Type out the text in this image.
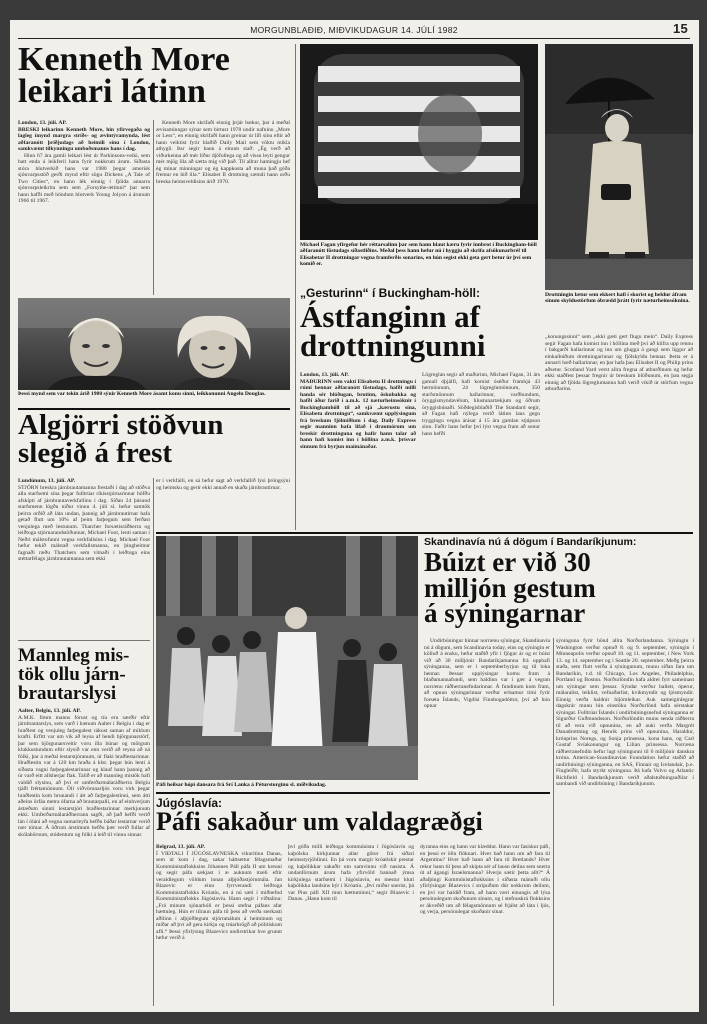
MORGUNBLAÐIÐ, MIÐVIKUDAGUR 14. JÚLÍ 1982	15
Kenneth More
leikari látinn
London, 13. júlí. AP.
BRESKI leikarinn Kenneth More, hin yfirvegaða og lagleg ímynd margra stríðs- og ævintýramynda, lést aðfaranótt þriðjudags að heimili sínu í London, samkvæmt tilkynningu umboðsmanns hans í dag.
Hinn 67 ára gamli leikari lést úr Parkinsons-veiki, sem batt enda á leikferil hans fyrir nokkrum árum. Síðasta stóra hlutverkið hans var 1980 þegar amerísk sjónvarpsstöð gerði mynd eftir sögu Dickens „A Tale of Two Cities“, en hann lék einnig í fjölda annarra sjónvarpsleikrita sem sem „Forsythe-ættinni“ þar sem hann hafði með höndum hlutverk Young Jolyon á árunum 1966 til 1967.
Kenneth More skrifaði einnig þrjár bækur, þar á meðal ævisaminngar sýnar sem birtust 1978 undir nafninu „More or Less“, en einnig skrifaði hann greinar úr lífi sínu eftir að hann veiktist fyrir blaðið Daily Mail sem vöktu mikla athygli. Þar segir hann á einum stað: „Ég verð að viðurkenna að mér líður djöfullega og að vissu leyti gengur mér mjög illa að sætta mig við það. Til allrar hamingju hef ég minar minningar og ég kappkosta að muna það góða fremur en hið illa.“ Elísabet II drottning sæmdi hann orðu breska heimsveldisins árið 1970.
Þessi mynd sem var tekin árið 1980 sýnir Kenneth More ásamt konu sinni, leikkonunni Angelu Douglas.
Algjörri stöðvun
slegið á frest
Lundúnum, 13. júlí. AP.
STJÓRN breskra járnbrautamanna frestaði í dag að stöðva alla starfsemi sína þegar fulltrúar ríkisstjórnarinnar höfðu afskipti af járnbrautaverkfallinu í dag. Síðan 24 þúsund starfsmenn lögðu niður vinnu 4. júlí sl. hefur samtök þeirra orðið að láta undan, þannig að járnbrautirnar hafa getað flutt um 10% af þeim farþegum sem ferðast venjulega með lestunum. Thatcher forsætisráðherra og leiðtoga stjórnarandstöðunnar, Michael Foot, lenti saman í Neðri málstofunni vegna verkfallsins í dag. Michael Foot hefur tekið málstað verkfallsmanna, en þingheimur fagnaði ræðu Thatchers sem vitnaði í leiðtoga eins stéttarfélags járnbrautamanna sem ekki
er í verkfalli, en sá hefur sagt að verkfallið lýsi þröngsýni og heimsku og gerir ekki annað en skaða járnbrautirnar.
Mannleg mis-
tök ollu járn-
brautarslysi
Aalter, Belgíu, 13. júlí. AP.
A.M.K. fimm manns fórust og tíu eru særðir eftir járnbrautarslys, sem varð í bænum Aalter í Belgíu í dag er hraðlest og venjuleg farþegalest rákust saman af miklum krafti. Erfitt var um vik að leysa af hendi björgunarstörf, þar sem björgunarsveitir voru illa búnar og mörgum klukkustundum eftir slysið var enn verið að reyna að ná fólki, þar á meðal lestarstjóranum, úr flaki hraðlestarinnar. Hraðlestin var á 120 km hraða á klst. þegar hún lenti á síðasta vagni farþegalestarinnar og klauf hann þannig að úr varð eitt allsherjar flak. Talið er að mannleg mistök hafi valdið slysinu, að því er umferðarmálaráðherra Belgíu tjáði fréttamönnum. Öll viðvörunarljós voru virk þegar hraðlestin kom brunandi í átt að farþegalestinni, sem átti aðeins örfáa metra ófarna að brautarpalli, en af einhverjum ástæðum sinnti lestarstjóri hraðlestarinnar merkjunum ekki. Umferðarmálaráðherrann sagði, að það hefði verið lán í óláni að vegna sumarleyfa hefðu báðar lestarnar verið nær tómar. Á öðrum árstímum hefðu þær verið fullar af skólabörnum, stúdentum og fólki á leið til vinnu sinnar.
Michael Fagan yfirgefur hér réttarsalinn þar sem hann hlaut kæru fyrir innbrot í Buckingham-höll aðfaranótt föstudags síðastliðins. Meðal þess hann hefur nú í hyggju að skrifa afsökunarbréf til Elísabetar II drottningar vegna framferðis sonarins, en hún segist ekki geta gert betur úr því sem komið er.
Drottningin lætur sem ekkert hafi í skorist og heldur áfram sínum skyldustörfum óbrædd þrátt fyrir næturheimsóknina.
„Gesturinn“ í Buckingham-höll:
Ástfanginn af
drottningunni
London, 13. júlí. AP.
MAÐURINN sem vakti Elísabetu II drottningu í rúmi hennar aðfaranótt föstudags, hafði milli handa sér blóðugan, brotinn, öskubakka og hafði áður farið í a.m.k. 12 næturheimsóknir í Buckinghamhöll til að sjá „kærustu sína, Elísabetu drottningu“, samkvæmt upplýsingum frá breskum fjölmiðlum í dag. Daily Express segir manninn hafa lifað í draumórum um breskir drottninguna og hafir hann talar að hann hafi komist inn í höllina a.m.k. þrisvar sinnum frá byrjun maímánaðar.
Lögreglan segir að maðurinn, Michael Fagan, 31 árs gamall óþjálfi, hafi komist óséður framhjá 43 hermönnum, 24 lögreglumönnum, 350 starfsmönnum hallarinnar, varðhundum, öryggismyndavélum, hlustunartækjum og öðrum öryggisbúnaði. Söðdegisblaðið The Standard segir, að Fagan hafi nýlega verið látinn laus gegn tryggingu vegna árásar á 15 ára gamlan stjúpson sinn. Faðir hans hefur því lýst vegna fram að sonur hans hefði
„konungssinni“ sem „ekki gæti gert flugu mein“. Daily Express segir Fagan hafa komist inn í höllina með því að klifra upp rennu í bakgarði hallarinnar og inn um glugga á gangi sem liggur að einkaíbúðum drottningarinnar og fjölskyldu hennar. Þetta er á annarri hæð hallarinnar, en þar hafa þau Elísabet II og Philip prins aðsetur. Scotland Yard verst allra fregna af atburðinum og hefur ekki staðfest þessar fregnir úr breskum blöðunum, en þau segja einnig að fjölda lögreglumanna hafi verið vikið úr störfum vegna atburðarins.
Páfi heilsar hópi dansara frá Srí Lanka á Péturstorginu sl. miðvikudag.
Skandinavía nú á dögum í Bandaríkjunum:
Búizt er við 30
milljón gestum
á sýningarnar
Undirbúningur hinnar norrænu sýningar, Skandinavía nú á dögum, sem Scandinavia today, eins og sýningin er kölluð á ensku, hefur staðið yfir í fjögur ár og er búist við að 30 milljónir Bandaríkjamanna frá upphafi sýninganna, sem er í septemberbyrjun og til loka hennar. Þessar upplýsingar komu fram á blaðamannafundi, sem haldinn var í gær á vegum norrænu ráðherranefndarinnar. Á fundinum kom fram, að opnun sýningarinnar verður erlsamur tími fyrir forseta Íslands, Vigdísi Finnbogadóttur, því að hún opnar
sýninguna fyrir hönd allra Norðurlandanna. Sýningin í Washington verður opnuð 8. og 9. september, sýningin í Minneapolis verður opnuð 10. og 11. september, í New York 13. og 14. september og í Seattle 20. september. Meðg þeirra staða, sem flutt verða á sýningunum, munu síðan fara um Bandaríkin, t.d. til Chicago, Los Angeles, Philadelphia, Portland og Boston. Norðurlöndin hafa aldrei fyrr sameinast um sýningar sem þessar. Sýndar verður ballett, óperur, málaralist, leiklist, vefnaðarlist, kvikmyndir og ljósmyndir. Einnig verða haldnir hljómleikar. Auk sameiginlegrar dagskrár munu hin einstöku Norðurlönd hafa sérstakar sýningar. Fulltrúar Íslands í undirbúningsnefnd sýninganna er Sigurður Guðmundsson. Norðurlöndin munu senda ráðherra til að vera við opnunina, en að auki verða Margrét Danadrottning og Henrik prins við opnunina, Haraldur, krónprins Noregs, og Sonja prinsessa, kona hans, og Carl Gustaf Svíakonungur og Lilian prinsessa. Norræna ráðherranefndin hefur lagt sýningunni til 6 milljónir danskra króna. American-Scandinavian Foundation hefur staðið að undirbúningi sýninganna, en SAS, Finnair og Icelandair, þ.e. Flugleiðir, hafa styrkt sýninguna. Þá hafa Volvo og Atlantic Richfield í Bandaríkjunum verið aðalstuðningsaðilar í sambandi við undirbúning í Bandaríkjunum.
Júgóslavía:
Páfi sakaður um valdagræðgi
Belgrad, 13. júlí. AP.
Í VIÐTALI Í JÚGÓSLAVNESKA vikuritinu Danas, sem út kom í dag, sakar háttsettur félagsmaður Kommúnistaflokksins Jóhannes Páll páfa II um kreuni og segir páfa sækjast í æ auknum mæli eftir veraldlegum völdum innan alþjóðastjórnmála. Jan Blazevic er einn fyrrverandi leiðtoga Kommúnistaflokks Króatíu, en á nú sæti í miðnefnd Kommúnistaflokks Júgóslavíu. Hann segir í viðtalinu: „Frá minum sjónarhóli er þessi stefna páfans afar hættuleg. Hún er tilraun páfa til þess að verða sterkasti aðilinn í alþjóðlegum stjórnmálum á heiminum og miðar að því að gera kirkju og trúarbrögð að pólitískum afli.“ Þessi yfirlýsing Blazevics undirstrikar hve grunnt hefur verið á
því góða milli leiðtoga kommúnista í Júgóslavíu og kaþólsku kirkjunnar allar götur frá síðari heimsstyrjöldinni. En þá voru margir króatískir prestar og kaþólikkar sakaðir um samvinnu við nasista. Á undanförnum árum hafa yfirvöld bannað ýmsa kirkjulega starfsemi í Júgóslavíu, en mestur hluti kaþólikka landsins býr í Króatíu. „Því miður snerist, þá var Pius páfi XII mun hættuminni,“ segir Blazevic í Danas. „Hann kom til
dyranna eins og hann var klæddur. Hann var fasískur páfi, en þessi er öllu flóknari. Hver bað hann um að fara til Argentínu? Hver bað hann að fara til Bretlands? Hver rekur hann til þess að skipta sér af lausn deilna sem snerta út af ágangi Ísraelsmanna? Hverju sætir þetta allt?“ Á aðalþingi Kommúnistaflokksins í síðasta mánuði ollu yfirlýsingar Blazevics í strípuðum dúr nokkrum deilum, en því var haldið fram, að hann væri einungis að lýsa persónulegum skoðunum sínum, og í stefnuskrá flokksins er ákveðið um að félagsmönnum sé frjálst að láta í ljós, og verja, persónulegar skoðanir sínar.
